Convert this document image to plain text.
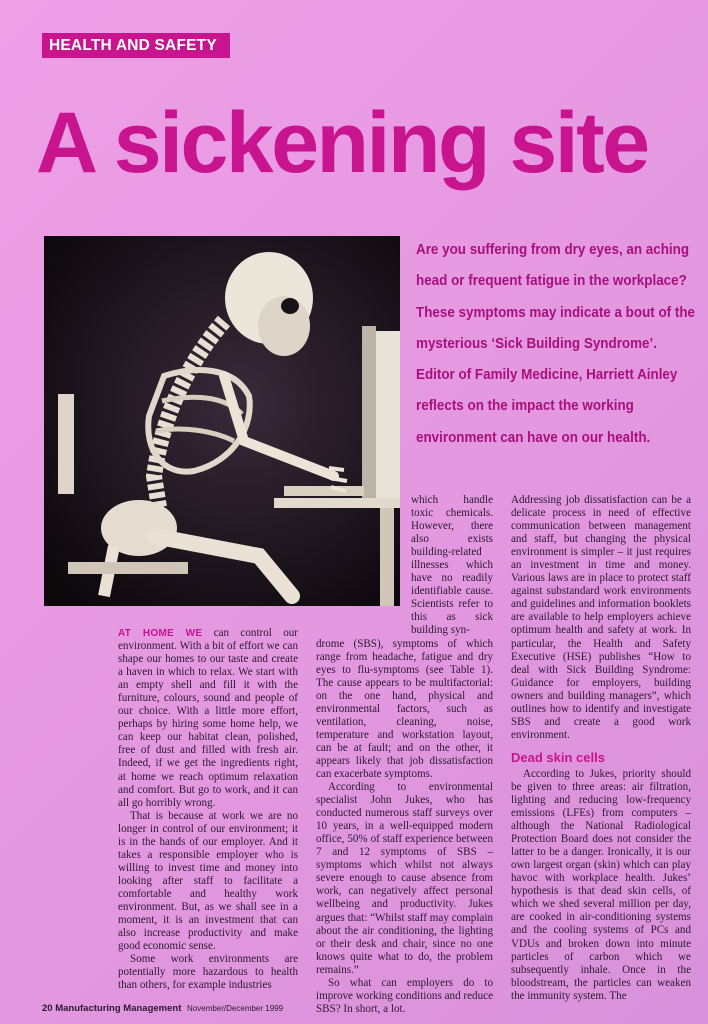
HEALTH AND SAFETY
A sickening site

Are you suffering from dry eyes, an aching head or frequent fatigue in the workplace? These symptoms may indicate a bout of the mysterious ‘Sick Building Syndrome’. Editor of Family Medicine, Harriett Ainley reflects on the impact the working environment can have on our health.

AT HOME WE can control our environment. With a bit of effort we can shape our homes to our taste and create a haven in which to relax. We start with an empty shell and fill it with the furniture, colours, sound and people of our choice. With a little more effort, perhaps by hiring some home help, we can keep our habitat clean, polished, free of dust and filled with fresh air. Indeed, if we get the ingredients right, at home we reach optimum relaxation and comfort. But go to work, and it can all go horribly wrong.

That is because at work we are no longer in control of our environment; it is in the hands of our employer. And it takes a responsible employer who is willing to invest time and money into looking after staff to facilitate a comfortable and healthy work environment. But, as we shall see in a moment, it is an investment that can also increase productivity and make good economic sense.

Some work environments are potentially more hazardous to health than others, for example industries

which handle toxic chemicals. However, there also exists building-related illnesses which have no readily identifiable cause. Scientists refer to this as sick building syn-

drome (SBS), symptoms of which range from headache, fatigue and dry eyes to flu-symptoms (see Table 1). The cause appears to be multifactorial: on the one hand, physical and environmental factors, such as ventilation, cleaning, noise, temperature and workstation layout, can be at fault; and on the other, it appears likely that job dissatisfaction can exacerbate symptoms.

According to environmental specialist John Jukes, who has conducted numerous staff surveys over 10 years, in a well-equipped modern office, 50% of staff experience between 7 and 12 symptoms of SBS – symptoms which whilst not always severe enough to cause absence from work, can negatively affect personal wellbeing and productivity. Jukes argues that: “Whilst staff may complain about the air conditioning, the lighting or their desk and chair, since no one knows quite what to do, the problem remains.”

So what can employers do to improve working conditions and reduce SBS? In short, a lot.

Addressing job dissatisfaction can be a delicate process in need of effective communication between management and staff, but changing the physical environment is simpler – it just requires an investment in time and money. Various laws are in place to protect staff against substandard work environments and guidelines and information booklets are available to help employers achieve optimum health and safety at work. In particular, the Health and Safety Executive (HSE) publishes “How to deal with Sick Building Syndrome: Guidance for employers, building owners and building managers”, which outlines how to identify and investigate SBS and create a good work environment.

Dead skin cells

According to Jukes, priority should be given to three areas: air filtration, lighting and reducing low-frequency emissions (LFEs) from computers – although the National Radiological Protection Board does not consider the latter to be a danger. Ironically, it is our own largest organ (skin) which can play havoc with workplace health. Jukes’ hypothesis is that dead skin cells, of which we shed several million per day, are cooked in air-conditioning systems and the cooling systems of PCs and VDUs and broken down into minute particles of carbon which we subsequently inhale. Once in the bloodstream, the particles can weaken the immunity system. The

20 Manufacturing Management November/December 1999
